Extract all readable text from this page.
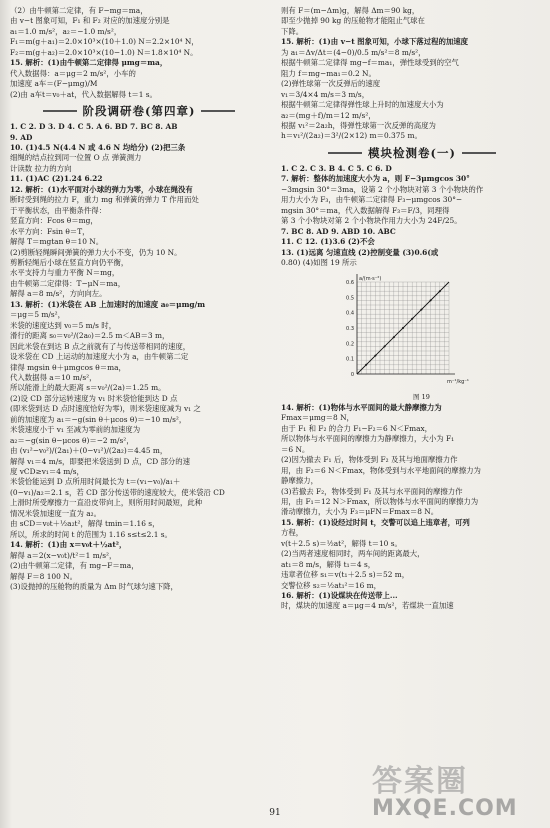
（2）由牛顿第二定律，有 F−mg＝ma，
由 v−t 图象可知，F₁ 和 F₂ 对应的加速度分别是
a₁＝1.0 m/s²，a₂＝−1.0 m/s²，
F₁＝m(g＋a₁)＝2.0×10³×(10＋1.0) N＝2.2×10⁴ N，
F₂＝m(g＋a₂)＝2.0×10³×(10−1.0) N＝1.8×10⁴ N。
15. 解析：(1)由牛顿第二定律得 μmg＝ma，
代入数据得：a＝μg＝2 m/s²，小车的
加速度 a车＝(F−μmg)/M
(2)由 a车t＝v₀＋at，代入数据解得 t＝1 s。
阶段调研卷(第四章)
1. C 2. D 3. D 4. C 5. A 6. BD 7. BC 8. AB
9. AD
10. (1)4.5 N(4.4 N 或 4.6 N 均给分) (2)把三条
细绳的结点拉到同一位置 O 点 弹簧测力
计读数 拉力的方向
11. (1)AC (2)1.24 6.22
12. 解析：(1)水平面对小球的弹力为零，小球在绳没有
断时受到绳的拉力 F，重力 mg 和弹簧的弹力 T 作用而处
于平衡状态，由平衡条件得：
竖直方向：Fcos θ＝mg，
水平方向：Fsin θ＝T，
解得 T＝mgtan θ＝10 N。
(2)剪断轻绳瞬间弹簧的弹力大小不变，仍为 10 N。
剪断轻绳后小球在竖直方向仍平衡，
水平支持力与重力平衡 N＝mg，
由牛顿第二定律得：T−μN＝ma，
解得 a＝8 m/s²，方向向左。
13. 解析：(1)米袋在 AB 上加速时的加速度 a₀＝μmg/m
＝μg＝5 m/s²，
米袋的速度达到 v₀＝5 m/s 时，
滑行的距离 s₀＝v₀²/(2a₀)＝2.5 m＜AB＝3 m，
因此米袋在到达 B 点之前就有了与传送带相同的速度，
设米袋在 CD 上运动的加速度大小为 a，由牛顿第二定
律得 mgsin θ＋μmgcos θ＝ma，
代入数据得 a＝10 m/s²，
所以能滑上的最大距离 s＝v₀²/(2a)＝1.25 m。
(2)设 CD 部分运转速度为 v₁ 时米袋恰能到达 D 点
(即米袋到达 D 点时速度恰好为零)，则米袋速度减为 v₁ 之
前的加速度为 a₁＝−g(sin θ＋μcos θ)＝−10 m/s²，
米袋速度小于 v₁ 至减为零前的加速度为
a₂＝−g(sin θ−μcos θ)＝−2 m/s²，
由 (v₁²−v₀²)/(2a₁)＋(0−v₁²)/(2a₂)＝4.45 m，
解得 v₁＝4 m/s，即要把米袋送到 D 点，CD 部分的速
度 vCD≥v₁＝4 m/s，
米袋恰能运到 D 点所用时间最长为 t＝(v₁−v₀)/a₁＋
(0−v₁)/a₂＝2.1 s，若 CD 部分传送带的速度较大，使米袋沿 CD
上滑时所受摩擦力一直沿皮带向上，则所用时间最短，此种
情况米袋加速度一直为 a₂。
由 sCD＝v₀t＋½a₂t²，解得 tmin＝1.16 s，
所以，所求的时间 t 的范围为 1.16 s≤t≤2.1 s。
14. 解析：(1)由 x＝v₀t＋½at²，
解得 a＝2(x−v₀t)/t²＝1 m/s²，
(2)由牛顿第二定律，有 mg−F＝ma，
解得 F＝8 100 N。
(3)设抛掉的压舱物的质量为 Δm 时气球匀速下降，
则有 F＝(m−Δm)g，解得 Δm＝90 kg，
即至少抛掉 90 kg 的压舱物才能阻止气球在
下降。
15. 解析：(1)由 v−t 图象可知，小球下落过程的加速度
为 a₁＝Δv/Δt＝(4−0)/0.5 m/s²＝8 m/s²，
根据牛顿第二定律得 mg−f＝ma₁，弹性球受到的空气
阻力 f＝mg−ma₁＝0.2 N。
(2)弹性球第一次反弹后的速度
v₁＝3/4×4 m/s＝3 m/s，
根据牛顿第二定律得弹性球上升时的加速度大小为
a₂＝(mg＋f)/m＝12 m/s²，
根据 v₁²＝2a₂h，得弹性球第一次反弹的高度为
h＝v₁²/(2a₂)＝3²/(2×12) m＝0.375 m。
模块检测卷(一)
1. C 2. C 3. B 4. C 5. C 6. D
7. 解析：整体的加速度大小为 a，则 F−3μmgcos 30°
−3mgsin 30°＝3ma，设第 2 个小物块对第 3 个小物块的作
用力大小为 F₃，由牛顿第二定律得 F₃−μmgcos 30°−
mgsin 30°＝ma，代入数据解得 F₃＝F/3，同理得
第 3 个小物块对第 2 个小物块作用力大小为 24F/25。
7. BC 8. AD 9. ABD 10. ABC
11. C 12. (1)3.6 (2)不会
13. (1)远离 匀速直线 (2)控制变量 (3)0.6(或
0.80) (4)如图 19 所示
0.6
0.5
0.4
0.3
0.2
0.1
0
a/(m·s⁻²)
m⁻¹/kg⁻¹
图 19
14. 解析：(1)物体与水平面间的最大静摩擦力为
Fmax＝μmg＝8 N，
由于 F₁ 和 F₂ 的合力 F₁−F₂＝6 N＜Fmax，
所以物体与水平面间的摩擦力为静摩擦力，大小为 F₁
＝6 N。
(2)因为撤去 F₁ 后，物体受到 F₂ 及其与地面摩擦力作
用，由 F₂＝6 N＜Fmax，物体受到与水平地面间的摩擦力为
静摩擦力，
(3)若撤去 F₂，物体受到 F₁ 及其与水平面间的摩擦力作
用，由 F₁＝12 N＞Fmax，所以物体与水平面间的摩擦力为
滑动摩擦力，大小为 F₃＝μFN＝Fmax＝8 N。
15. 解析：(1)设经过时间 t，交警可以追上违章者，可列
方程，
v(t＋2.5 s)＝½at²，解得 t＝10 s。
(2)当两者速度相同时，两车间的距离最大，
at₁＝8 m/s，解得 t₁＝4 s，
违章者位移 s₁＝v(t₁＋2.5 s)＝52 m，
交警位移 s₂＝½at₁²＝16 m，
16. 解析：(1)设煤块在传送带上...
时，煤块的加速度 a＝μg＝4 m/s²，若煤块一直加速
91
答案圈
MXQE.COM
